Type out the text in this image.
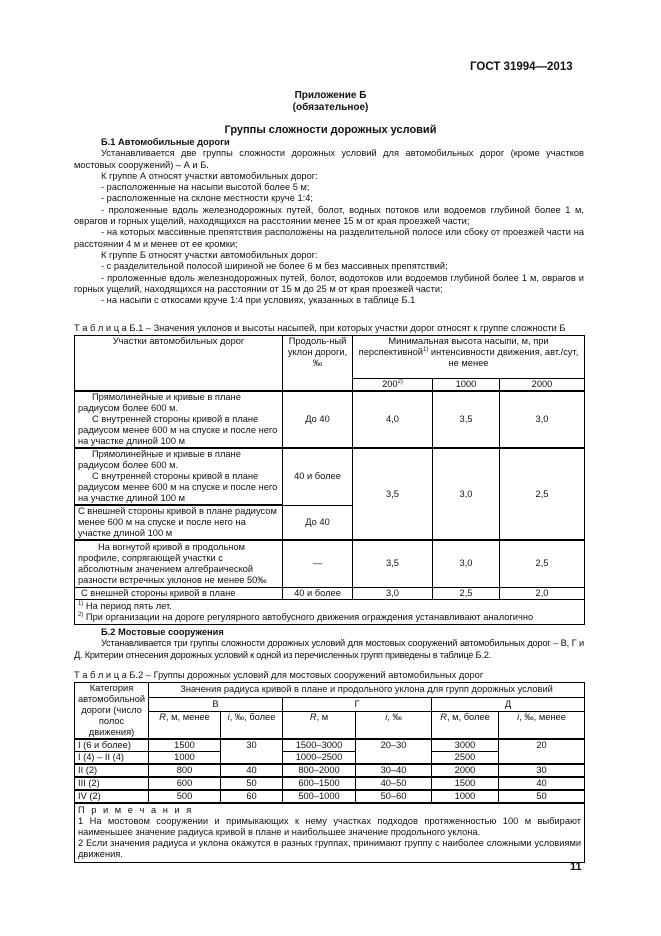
ГОСТ 31994—2013
Приложение Б
(обязательное)
Группы сложности дорожных условий

Б.1 Автомобильные дороги

Устанавливается две группы сложности дорожных условий для автомобильных дорог (кроме участков мостовых сооружений) – А и Б.

К группе А относят участки автомобильных дорог:

- расположенные на насыпи высотой более 5 м;

- расположенные на склоне местности круче 1:4;

- проложенные вдоль железнодорожных путей, болот, водных потоков или водоемов глубиной более 1 м, оврагов и горных ущелий, находящихся на расстоянии менее 15 м от края проезжей части;

- на которых массивные препятствия расположены на разделительной полосе или сбоку от проезжей части на расстоянии 4 м и менее от ее кромки;

К группе Б относят участки автомобильных дорог:

- с разделительной полосой шириной не более 6 м без массивных препятствий;

- проложенные вдоль железнодорожных путей, болот, водотоков или водоемов глубиной более 1 м, оврагов и горных ущелий, находящихся на расстоянии от 15 м до 25 м от края проезжей части;

- на насыпи с откосами круче 1:4 при условиях, указанных в таблице Б.1

Т а б л и ц а Б.1 – Значения уклонов и высоты насыпей, при которых участки дорог относят к группе сложности Б
Участки автомобильных дорог	Продоль-ный уклон дороги, ‰	Минимальная высота насыпи, м, при перспективной$^{1)}$ интенсивности движения, авт./сут, не менее		
		200$^{2)}$	1000	2000

Прямолинейные и кривые в плане радиусом более 600 м.

С внутренней стороны кривой в плане радиусом менее 600 м на спуске и после него на участке длиной 100 м	До 40	4,0	3,5	3,0

Прямолинейные и кривые в плане радиусом более 600 м.

С внутренней стороны кривой в плане радиусом менее 600 м на спуске и после него на участке длиной 100 м	40 и более	3,5	3,0	2,5
С внешней стороны кривой в плане радиусом менее 600 м на спуске и после него на участке длиной 100 м	До 40			

На вогнутой кривой в продольном профиле, сопрягающей участки с абсолютным значением алгебраической разности встречных уклонов не менее 50‰	—	3,5	3,0	2,5
С внешней стороны кривой в плане	40 и более	3,0	2,5	2,0

$^{1)}$ На период пять лет.

$^{2)}$ При организации на дороге регулярного автобусного движения ограждения устанавливают аналогично				

Б.2 Мостовые сооружения

Устанавливается три группы сложности дорожных условий для мостовых сооружений автомобильных дорог – В, Г и Д. Критерии отнесения дорожных условий к одной из перечисленных групп приведены в таблице Б.2.

Т а б л и ц а Б.2 – Группы дорожных условий для мостовых сооружений автомобильных дорог
Категория автомобильной дороги (число полос движения)	Значения радиуса кривой в плане и продольного уклона для групп дорожных условий					
	В		Г		Д	
	R, м, менее	i, ‰, более	R, м	i, ‰	R, м, более	i, ‰, менее
I (6 и более)	1500	30	1500–3000	20–30	3000	20
I (4) – II (4)	1000		1000–2500		2500	
II (2)	800	40	800–2000	30–40	2000	30
III (2)	600	50	600–1500	40–50	1500	40
IV (2)	500	60	500–1000	50–60	1000	50

П р и м е ч а н и я

1 На мостовом сооружении и примыкающих к нему участках подходов протяженностью 100 м выбирают наименьшее значение радиуса кривой в плане и наибольшее значение продольного уклона.

2 Если значения радиуса и уклона окажутся в разных группах, принимают группу с наиболее сложными условиями движения.						

11
